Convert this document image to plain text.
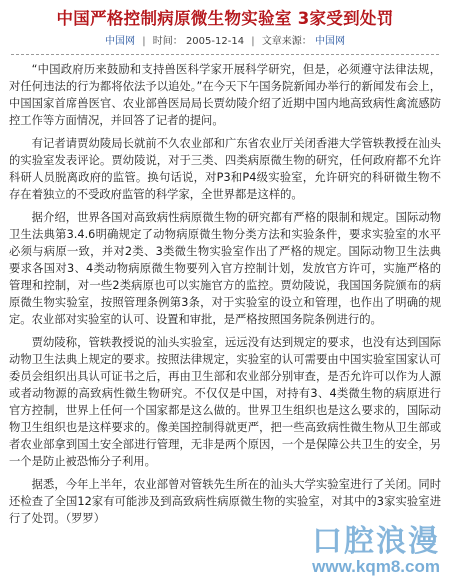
中国严格控制病原微生物实验室 3家受到处罚
中国网 | 时间： 2005-12-14 | 文章来源： 中国网

“中国政府历来鼓励和支持兽医科学家开展科学研究，但是，必须遵守法律法规，对任何违法的行为都将依法予以追处。”在今天下午国务院新闻办举行的新闻发布会上，中国国家首席兽医官、农业部兽医局局长贾幼陵介绍了近期中国内地高致病性禽流感防控工作等方面情况，并回答了记者的提问。

有记者请贾幼陵局长就前不久农业部和广东省农业厅关闭香港大学管轶教授在汕头的实验室发表评论。贾幼陵说，对于三类、四类病原微生物的研究，任何政府都不允许科研人员脱离政府的监管。换句话说，对P3和P4级实验室，允许研究的科研微生物不存在着独立的不受政府监管的科学家，全世界都是这样的。

据介绍，世界各国对高致病性病原微生物的研究都有严格的限制和规定。国际动物卫生法典第3.4.6明确规定了动物病原微生物分类方法和实验条件，要求实验室的水平必须与病原一致，并对2类、3类微生物实验室作出了严格的规定。国际动物卫生法典要求各国对3、4类动物病原微生物要列入官方控制计划，发放官方许可，实施严格的管理和控制，对一些2类病原也可以实施官方的监控。贾幼陵说，我国国务院颁布的病原微生物实验室，按照管理条例第3条，对于实验室的设立和管理，也作出了明确的规定。农业部对实验室的认可、设置和审批，是严格按照国务院条例进行的。

贾幼陵称，管轶教授说的汕头实验室，远远没有达到规定的要求，也没有达到国际动物卫生法典上规定的要求。按照法律规定，实验室的认可需要由中国实验室国家认可委员会组织出具认可证书之后，再由卫生部和农业部分别审查，是否允许可以作为人源或者动物源的高致病性微生物研究。不仅仅是中国，对持有3、4类微生物的病原进行官方控制，世界上任何一个国家都是这么做的。世界卫生组织也是这么要求的，国际动物卫生组织也是这样要求的。像美国控制得就更严，把一些高致病性微生物从卫生部或者农业部拿到国土安全部进行管理，无非是两个原因，一个是保障公共卫生的安全，另一个是防止被恐怖分子利用。

据悉，今年上半年，农业部曾对管轶先生所在的汕头大学实验室进行了关闭。同时还检查了全国12家有可能涉及到高致病性病原微生物的实验室，对其中的3家实验室进行了处罚。（罗罗）

口腔浪漫
www.kqm8.com
